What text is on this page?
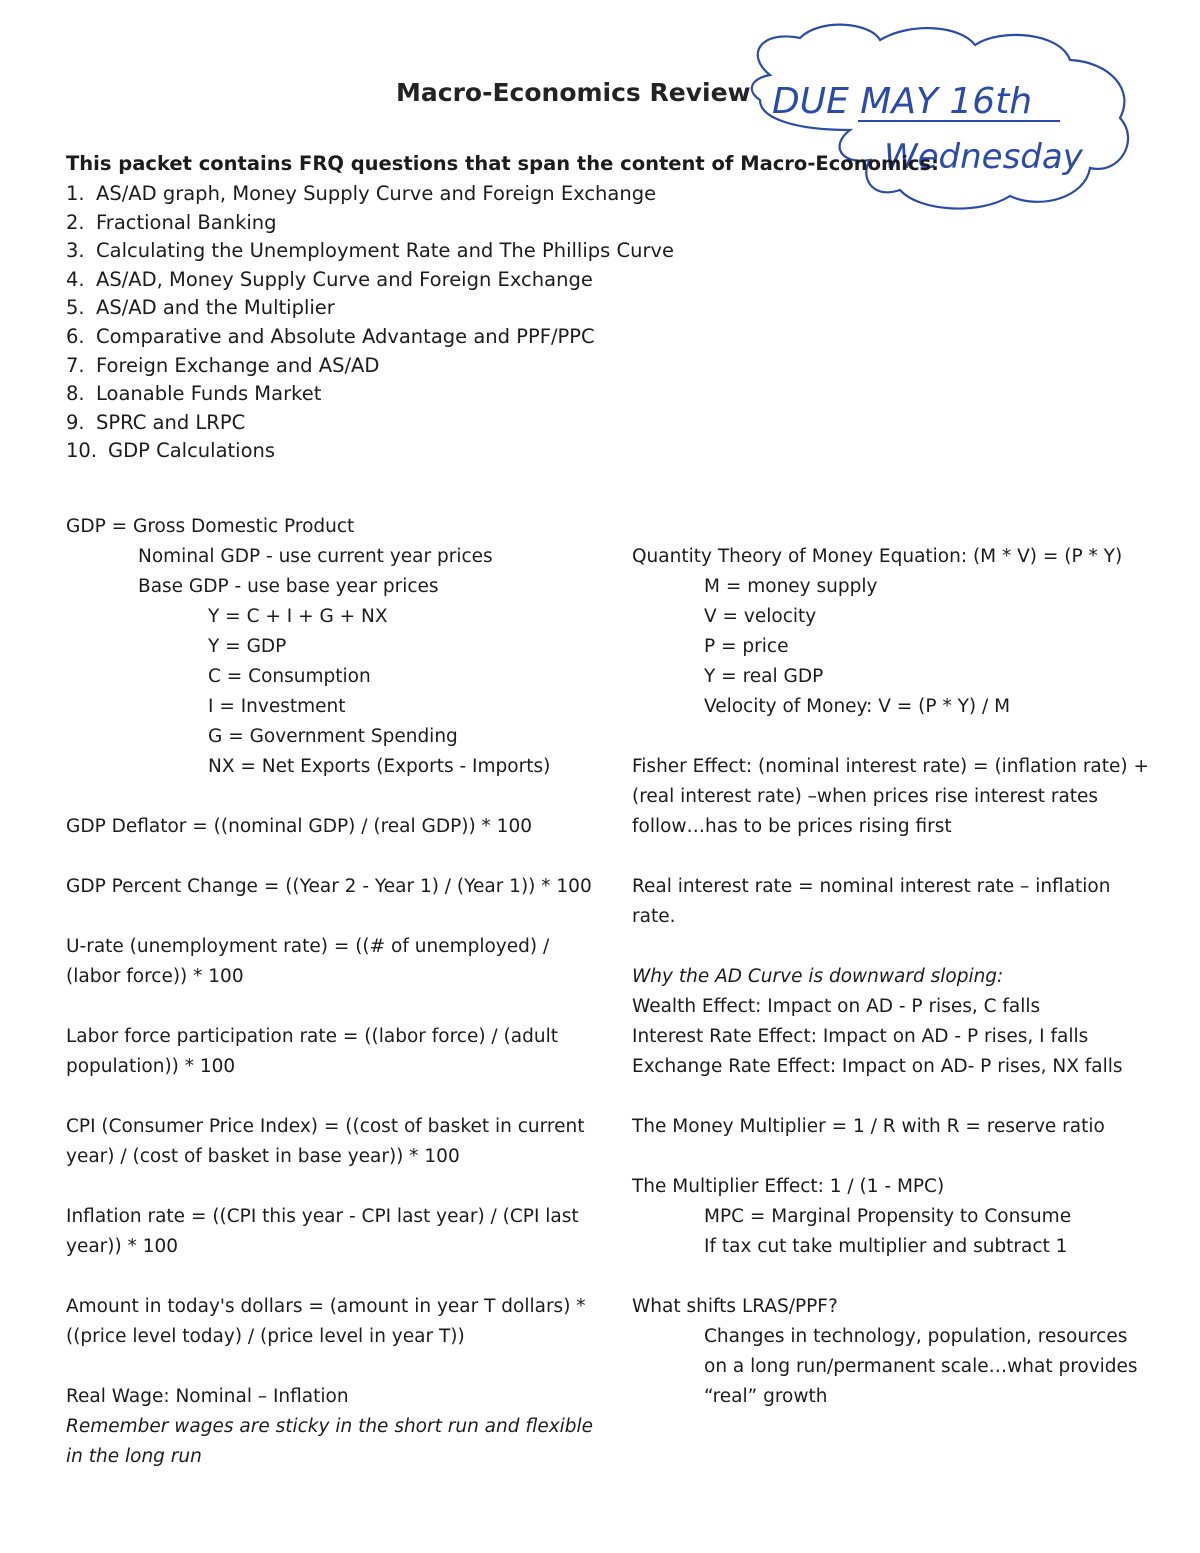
DUE MAY 16th
Wednesday
Macro-Economics Review
This packet contains FRQ questions that span the content of Macro-Economics:
1. AS/AD graph, Money Supply Curve and Foreign Exchange
2. Fractional Banking
3. Calculating the Unemployment Rate and The Phillips Curve
4. AS/AD, Money Supply Curve and Foreign Exchange
5. AS/AD and the Multiplier
6. Comparative and Absolute Advantage and PPF/PPC
7. Foreign Exchange and AS/AD
8. Loanable Funds Market
9. SPRC and LRPC
10. GDP Calculations
GDP = Gross Domestic Product
Nominal GDP - use current year prices
Base GDP - use base year prices
Y = C + I + G + NX
Y = GDP
C = Consumption
I = Investment
G = Government Spending
NX = Net Exports (Exports - Imports)
GDP Deflator = ((nominal GDP) / (real GDP)) * 100
GDP Percent Change = ((Year 2 - Year 1) / (Year 1)) * 100
U-rate (unemployment rate) = ((# of unemployed) /
(labor force)) * 100
Labor force participation rate = ((labor force) / (adult
population)) * 100
CPI (Consumer Price Index) = ((cost of basket in current
year) / (cost of basket in base year)) * 100
Inflation rate = ((CPI this year - CPI last year) / (CPI last
year)) * 100
Amount in today's dollars = (amount in year T dollars) *
((price level today) / (price level in year T))
Real Wage: Nominal – Inflation
Remember wages are sticky in the short run and flexible
in the long run
Quantity Theory of Money Equation: (M * V) = (P * Y)
M = money supply
V = velocity
P = price
Y = real GDP
Velocity of Money: V = (P * Y) / M
Fisher Effect: (nominal interest rate) = (inflation rate) +
(real interest rate) –when prices rise interest rates
follow…has to be prices rising first
Real interest rate = nominal interest rate – inflation
rate.
Why the AD Curve is downward sloping:
Wealth Effect: Impact on AD - P rises, C falls
Interest Rate Effect: Impact on AD - P rises, I falls
Exchange Rate Effect: Impact on AD- P rises, NX falls
The Money Multiplier = 1 / R with R = reserve ratio
The Multiplier Effect: 1 / (1 - MPC)
MPC = Marginal Propensity to Consume
If tax cut take multiplier and subtract 1
What shifts LRAS/PPF?
Changes in technology, population, resources
on a long run/permanent scale…what provides
“real” growth
